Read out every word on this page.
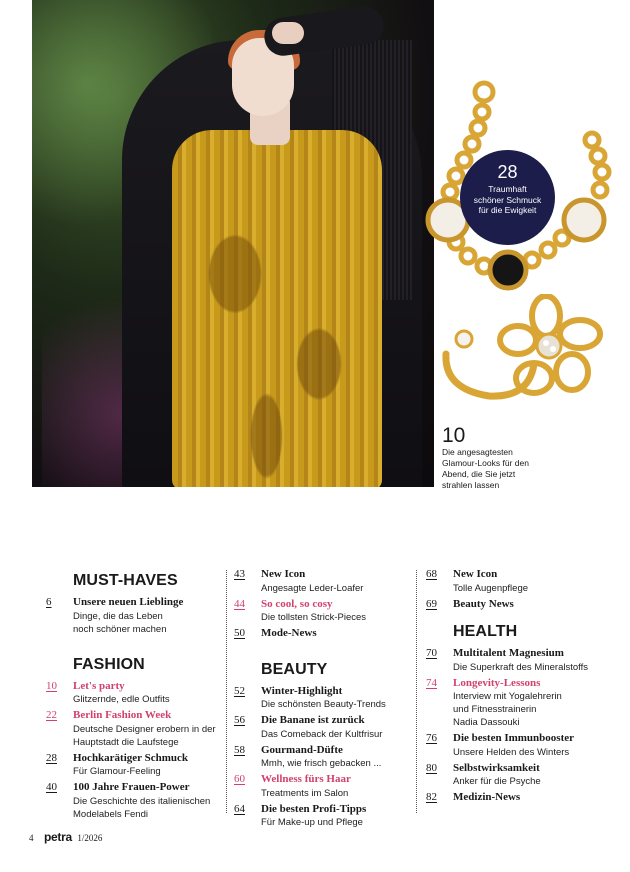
28
Traumhaft
schöner Schmuck
für die Ewigkeit
10
Die angesagtesten
Glamour-Looks für den
Abend, die Sie jetzt
strahlen lassen
MUST-HAVES
6 Unsere neuen Lieblinge
Dinge, die das Leben
noch schöner machen
FASHION
10 Let's party
Glitzernde, edle Outfits
22 Berlin Fashion Week
Deutsche Designer erobern in der
Hauptstadt die Laufstege
28 Hochkarätiger Schmuck
Für Glamour-Feeling
40 100 Jahre Frauen-Power
Die Geschichte des italienischen
Modelabels Fendi
43 New Icon
Angesagte Leder-Loafer
44 So cool, so cosy
Die tollsten Strick-Pieces
50 Mode-News
BEAUTY
52 Winter-Highlight
Die schönsten Beauty-Trends
56 Die Banane ist zurück
Das Comeback der Kultfrisur
58 Gourmand-Düfte
Mmh, wie frisch gebacken ...
60 Wellness fürs Haar
Treatments im Salon
64 Die besten Profi-Tipps
Für Make-up und Pflege
68 New Icon
Tolle Augenpflege
69 Beauty News
HEALTH
70 Multitalent Magnesium
Die Superkraft des Mineralstoffs
74 Longevity-Lessons
Interview mit Yogalehrerin
und Fitnesstrainerin
Nadia Dassouki
76 Die besten Immunbooster
Unsere Helden des Winters
80 Selbstwirksamkeit
Anker für die Psyche
82 Medizin-News
4 petra 1/2026
